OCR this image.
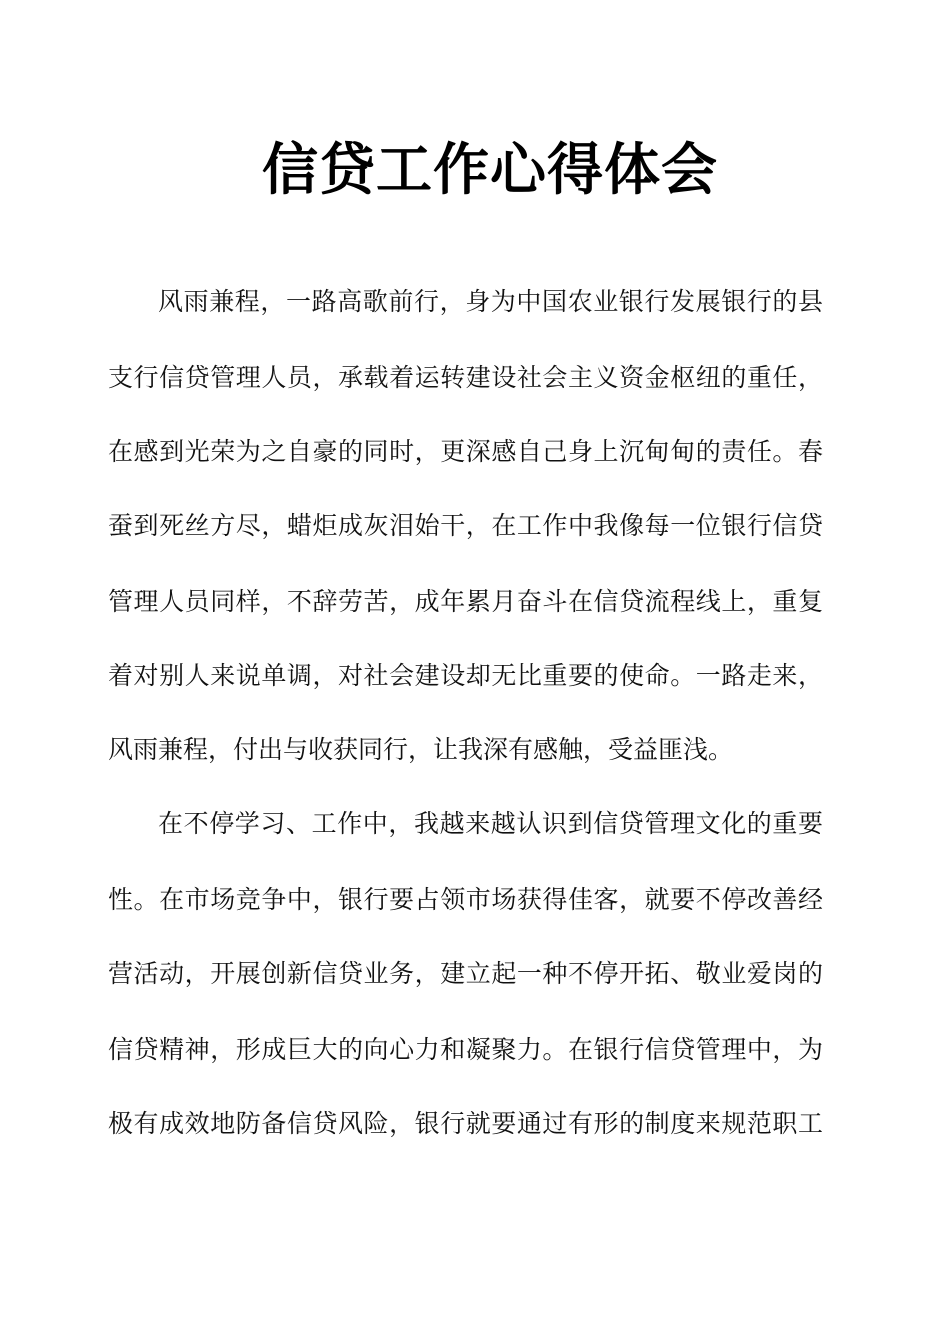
信贷工作心得体会
风雨兼程，一路高歌前行，身为中国农业银行发展银行的县
支行信贷管理人员，承载着运转建设社会主义资金枢纽的重任，
在感到光荣为之自豪的同时，更深感自己身上沉甸甸的责任。春
蚕到死丝方尽，蜡炬成灰泪始干，在工作中我像每一位银行信贷
管理人员同样，不辞劳苦，成年累月奋斗在信贷流程线上，重复
着对别人来说单调，对社会建设却无比重要的使命。一路走来，
风雨兼程，付出与收获同行，让我深有感触，受益匪浅。
在不停学习、工作中，我越来越认识到信贷管理文化的重要
性。在市场竞争中，银行要占领市场获得佳客，就要不停改善经
营活动，开展创新信贷业务，建立起一种不停开拓、敬业爱岗的
信贷精神，形成巨大的向心力和凝聚力。在银行信贷管理中，为
极有成效地防备信贷风险，银行就要通过有形的制度来规范职工
